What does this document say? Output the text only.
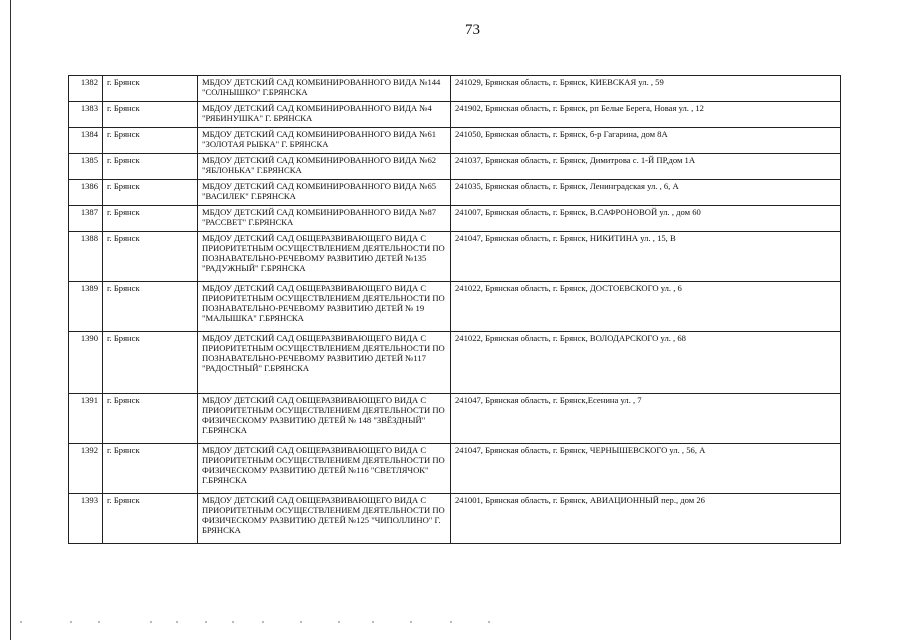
73
1382	г. Брянск	МБДОУ ДЕТСКИЙ САД КОМБИНИРОВАННОГО ВИДА №144 "СОЛНЫШКО" Г.БРЯНСКА	241029, Брянская область, г. Брянск, КИЕВСКАЯ ул. , 59
1383	г. Брянск	МБДОУ ДЕТСКИЙ САД КОМБИНИРОВАННОГО ВИДА №4 "РЯБИНУШКА" Г. БРЯНСКА	241902, Брянская область, г. Брянск, рп Белые Берега, Новая ул. , 12
1384	г. Брянск	МБДОУ ДЕТСКИЙ САД КОМБИНИРОВАННОГО ВИДА №61 "ЗОЛОТАЯ РЫБКА" Г. БРЯНСКА	241050, Брянская область, г. Брянск, б-р Гагарина, дом 8А
1385	г. Брянск	МБДОУ ДЕТСКИЙ САД КОМБИНИРОВАННОГО ВИДА №62 "ЯБЛОНЬКА" Г.БРЯНСКА	241037, Брянская область, г. Брянск, Димитрова с. 1-Й ПР,дом 1А
1386	г. Брянск	МБДОУ ДЕТСКИЙ САД КОМБИНИРОВАННОГО ВИДА №65 "ВАСИЛЕК" Г.БРЯНСКА	241035, Брянская область, г. Брянск, Ленинградская ул. , 6, А
1387	г. Брянск	МБДОУ ДЕТСКИЙ САД КОМБИНИРОВАННОГО ВИДА №87 "РАССВЕТ" Г.БРЯНСКА	241007, Брянская область, г. Брянск, В.САФРОНОВОЙ ул. , дом 60
1388	г. Брянск	МБДОУ ДЕТСКИЙ САД ОБЩЕРАЗВИВАЮЩЕГО ВИДА С ПРИОРИТЕТНЫМ ОСУЩЕСТВЛЕНИЕМ ДЕЯТЕЛЬНОСТИ ПО ПОЗНАВАТЕЛЬНО-РЕЧЕВОМУ РАЗВИТИЮ ДЕТЕЙ №135 "РАДУЖНЫЙ" Г.БРЯНСКА	241047, Брянская область, г. Брянск, НИКИТИНА ул. , 15, В
1389	г. Брянск	МБДОУ ДЕТСКИЙ САД ОБЩЕРАЗВИВАЮЩЕГО ВИДА С ПРИОРИТЕТНЫМ ОСУЩЕСТВЛЕНИЕМ ДЕЯТЕЛЬНОСТИ ПО ПОЗНАВАТЕЛЬНО-РЕЧЕВОМУ РАЗВИТИЮ ДЕТЕЙ № 19 "МАЛЫШКА" Г.БРЯНСКА	241022, Брянская область, г. Брянск, ДОСТОЕВСКОГО ул. , 6
1390	г. Брянск	МБДОУ ДЕТСКИЙ САД ОБЩЕРАЗВИВАЮЩЕГО ВИДА С ПРИОРИТЕТНЫМ ОСУЩЕСТВЛЕНИЕМ ДЕЯТЕЛЬНОСТИ ПО ПОЗНАВАТЕЛЬНО-РЕЧЕВОМУ РАЗВИТИЮ ДЕТЕЙ №117 "РАДОСТНЫЙ" Г.БРЯНСКА	241022, Брянская область, г. Брянск, ВОЛОДАРСКОГО ул. , 68
1391	г. Брянск	МБДОУ ДЕТСКИЙ САД ОБЩЕРАЗВИВАЮЩЕГО ВИДА С ПРИОРИТЕТНЫМ ОСУЩЕСТВЛЕНИЕМ ДЕЯТЕЛЬНОСТИ ПО ФИЗИЧЕСКОМУ РАЗВИТИЮ ДЕТЕЙ № 148 "ЗВЁЗДНЫЙ" Г.БРЯНСКА	241047, Брянская область, г. Брянск,Есенина ул. , 7
1392	г. Брянск	МБДОУ ДЕТСКИЙ САД ОБЩЕРАЗВИВАЮЩЕГО ВИДА С ПРИОРИТЕТНЫМ ОСУЩЕСТВЛЕНИЕМ ДЕЯТЕЛЬНОСТИ ПО ФИЗИЧЕСКОМУ РАЗВИТИЮ ДЕТЕЙ №116 "СВЕТЛЯЧОК" Г.БРЯНСКА	241047, Брянская область, г. Брянск, ЧЕРНЫШЕВСКОГО ул. , 56, А
1393	г. Брянск	МБДОУ ДЕТСКИЙ САД ОБЩЕРАЗВИВАЮЩЕГО ВИДА С ПРИОРИТЕТНЫМ ОСУЩЕСТВЛЕНИЕМ ДЕЯТЕЛЬНОСТИ ПО ФИЗИЧЕСКОМУ РАЗВИТИЮ ДЕТЕЙ №125 "ЧИПОЛЛИНО" Г. БРЯНСКА	241001, Брянская область, г. Брянск, АВИАЦИОННЫЙ пер., дом 26
